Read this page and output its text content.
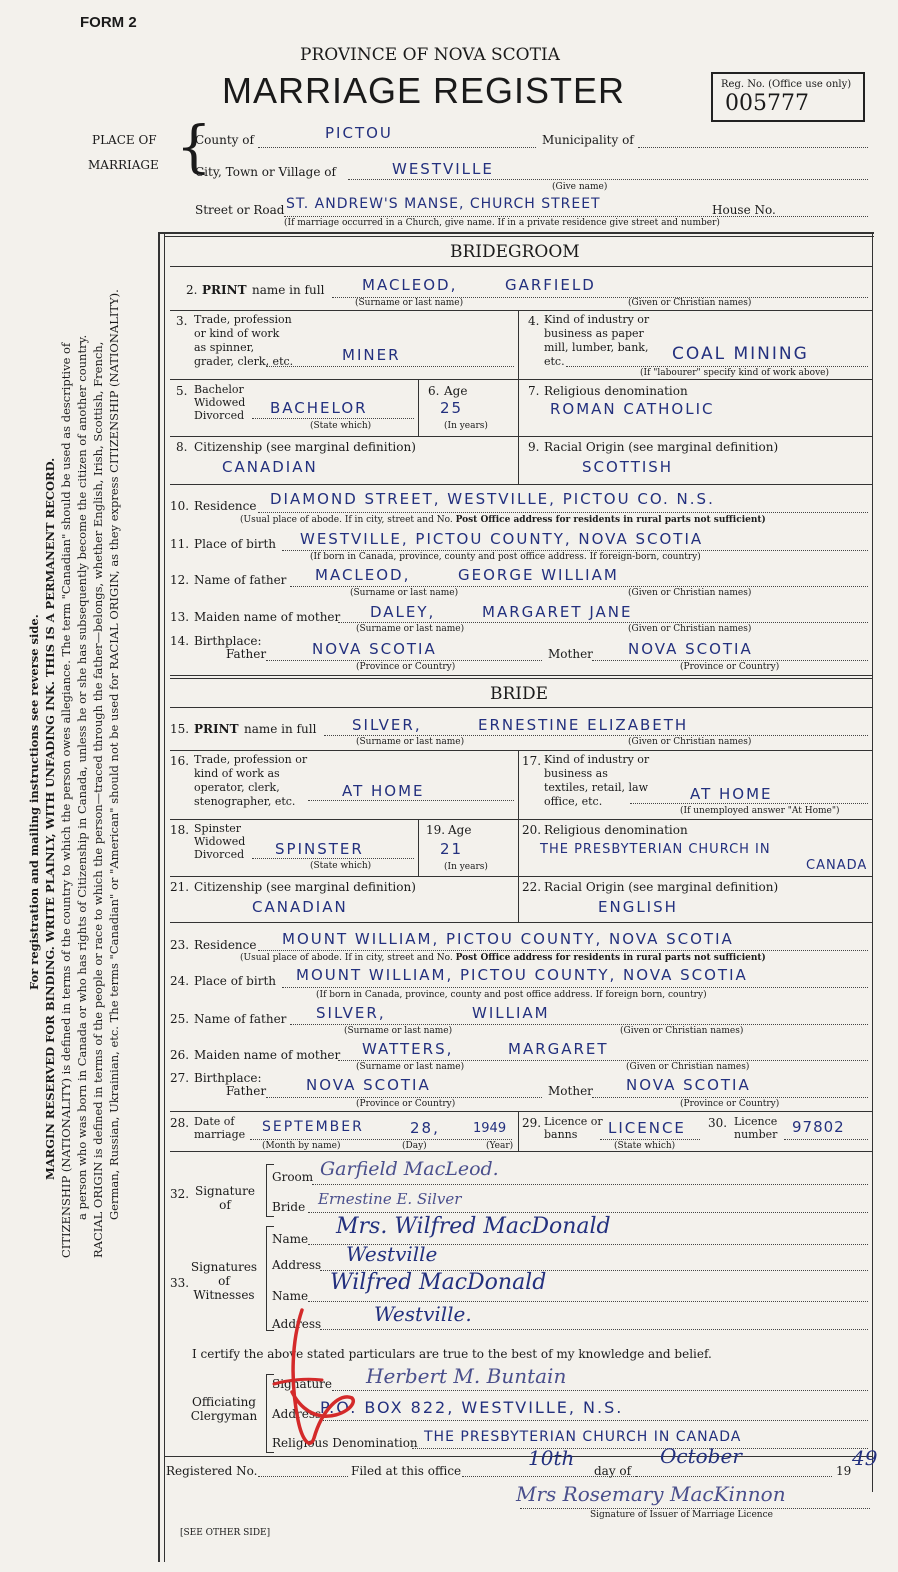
FORM 2
PROVINCE OF NOVA SCOTIA
MARRIAGE REGISTER	Reg. No. (Office use only)
005777
PLACE OF
MARRIAGE {
County of	PICTOU	Municipality of
City, Town or Village of	WESTVILLE
(Give name)
Street or Road ST. ANDREW'S MANSE, CHURCH STREET	House No.
(If marriage occurred in a Church, give name. If in a private residence give street and number)
For registration and mailing instructions see reverse side. MARGIN RESERVED FOR BINDING. WRITE PLAINLY, WITH UNFADING INK. THIS IS A PERMANENT RECORD. CITIZENSHIP (NATIONALITY) is defined in terms of the country to which the person owes allegiance. The term "Canadian" should be used as descriptive of a person who was born in Canada or who has rights of Citizenship in Canada, unless he or she has subsequently become the citizen of another country. RACIAL ORIGIN is defined in terms of the people or race to which the person—traced through the father—belongs, whether English, Irish, Scottish, French, German, Russian, Ukrainian, etc. The terms "Canadian" or "American" should not be used for RACIAL ORIGIN, as they express CITIZENSHIP (NATIONALITY).
BRIDEGROOM
2. PRINT name in full	MACLEOD,	GARFIELD
(Surname or last name)	(Given or Christian names)
3. Trade, profession or kind of work as spinner, grader, clerk, etc.	MINER
4. Kind of industry or business as paper mill, lumber, bank, etc.	COAL MINING
(If "labourer" specify kind of work above)
5. Bachelor Widowed Divorced	BACHELOR
(State which)
6. Age
25
(In years)
7. Religious denomination
ROMAN CATHOLIC
8. Citizenship (see marginal definition)
CANADIAN
9. Racial Origin (see marginal definition)
SCOTTISH
10. Residence DIAMOND STREET, WESTVILLE, PICTOU CO. N.S.
(Usual place of abode. If in city, street and No. Post Office address for residents in rural parts not sufficient)
11. Place of birth WESTVILLE, PICTOU COUNTY, NOVA SCOTIA
(If born in Canada, province, county and post office address. If foreign-born, country)
12. Name of father MACLEOD,	GEORGE WILLIAM
(Surname or last name)	(Given or Christian names)
13. Maiden name of mother DALEY,	MARGARET JANE
(Surname or last name)	(Given or Christian names)
14. Birthplace:
Father	NOVA SCOTIA	Mother NOVA SCOTIA
(Province or Country)	(Province or Country)
BRIDE
15. PRINT name in full SILVER,	ERNESTINE ELIZABETH
(Surname or last name)	(Given or Christian names)
16. Trade, profession or kind of work as operator, clerk, stenographer, etc.
AT HOME
17. Kind of industry or business as textiles, retail, law office, etc.	AT HOME
(If unemployed answer "At Home")
18. Spinster Widowed Divorced	SPINSTER
(State which)
19. Age
21
(In years)
20. Religious denomination
THE PRESBYTERIAN CHURCH IN
CANADA
21. Citizenship (see marginal definition)
CANADIAN
22. Racial Origin (see marginal definition)
ENGLISH
23. Residence MOUNT WILLIAM, PICTOU COUNTY, NOVA SCOTIA
(Usual place of abode. If in city, street and No. Post Office address for residents in rural parts not sufficient)
24. Place of birth MOUNT WILLIAM, PICTOU COUNTY, NOVA SCOTIA
(If born in Canada, province, county and post office address. If foreign born, country)
25. Name of father SILVER,	WILLIAM
(Surname or last name)	(Given or Christian names)
26. Maiden name of mother WATTERS,	MARGARET
(Surname or last name)	(Given or Christian names)
27. Birthplace:
Father	NOVA SCOTIA	Mother NOVA SCOTIA
(Province or Country)	(Province or Country)
28. Date of marriage	SEPTEMBER	28,	1949
(Month by name)	(Day)	(Year)
29. Licence or banns	LICENCE
(State which)
30. Licence number 97802
32. Signature of
Groom Garfield MacLeod.
Bride Ernestine E. Silver
33.
Signatures of Witnesses
Name Mrs. Wilfred MacDonald
Address Westville
Name
Wilfred MacDonald
Address	Westville.
I certify the above stated particulars are true to the best of my knowledge and belief.
Officiating Clergyman
Signature Herbert M. Buntain
Address
P.O. BOX 822, WESTVILLE, N.S.
Religious Denomination THE PRESBYTERIAN CHURCH IN CANADA
Registered No.	Filed at this office
10th
day of
October
19
49
Mrs Rosemary MacKinnon
Signature of Issuer of Marriage Licence
[SEE OTHER SIDE]
